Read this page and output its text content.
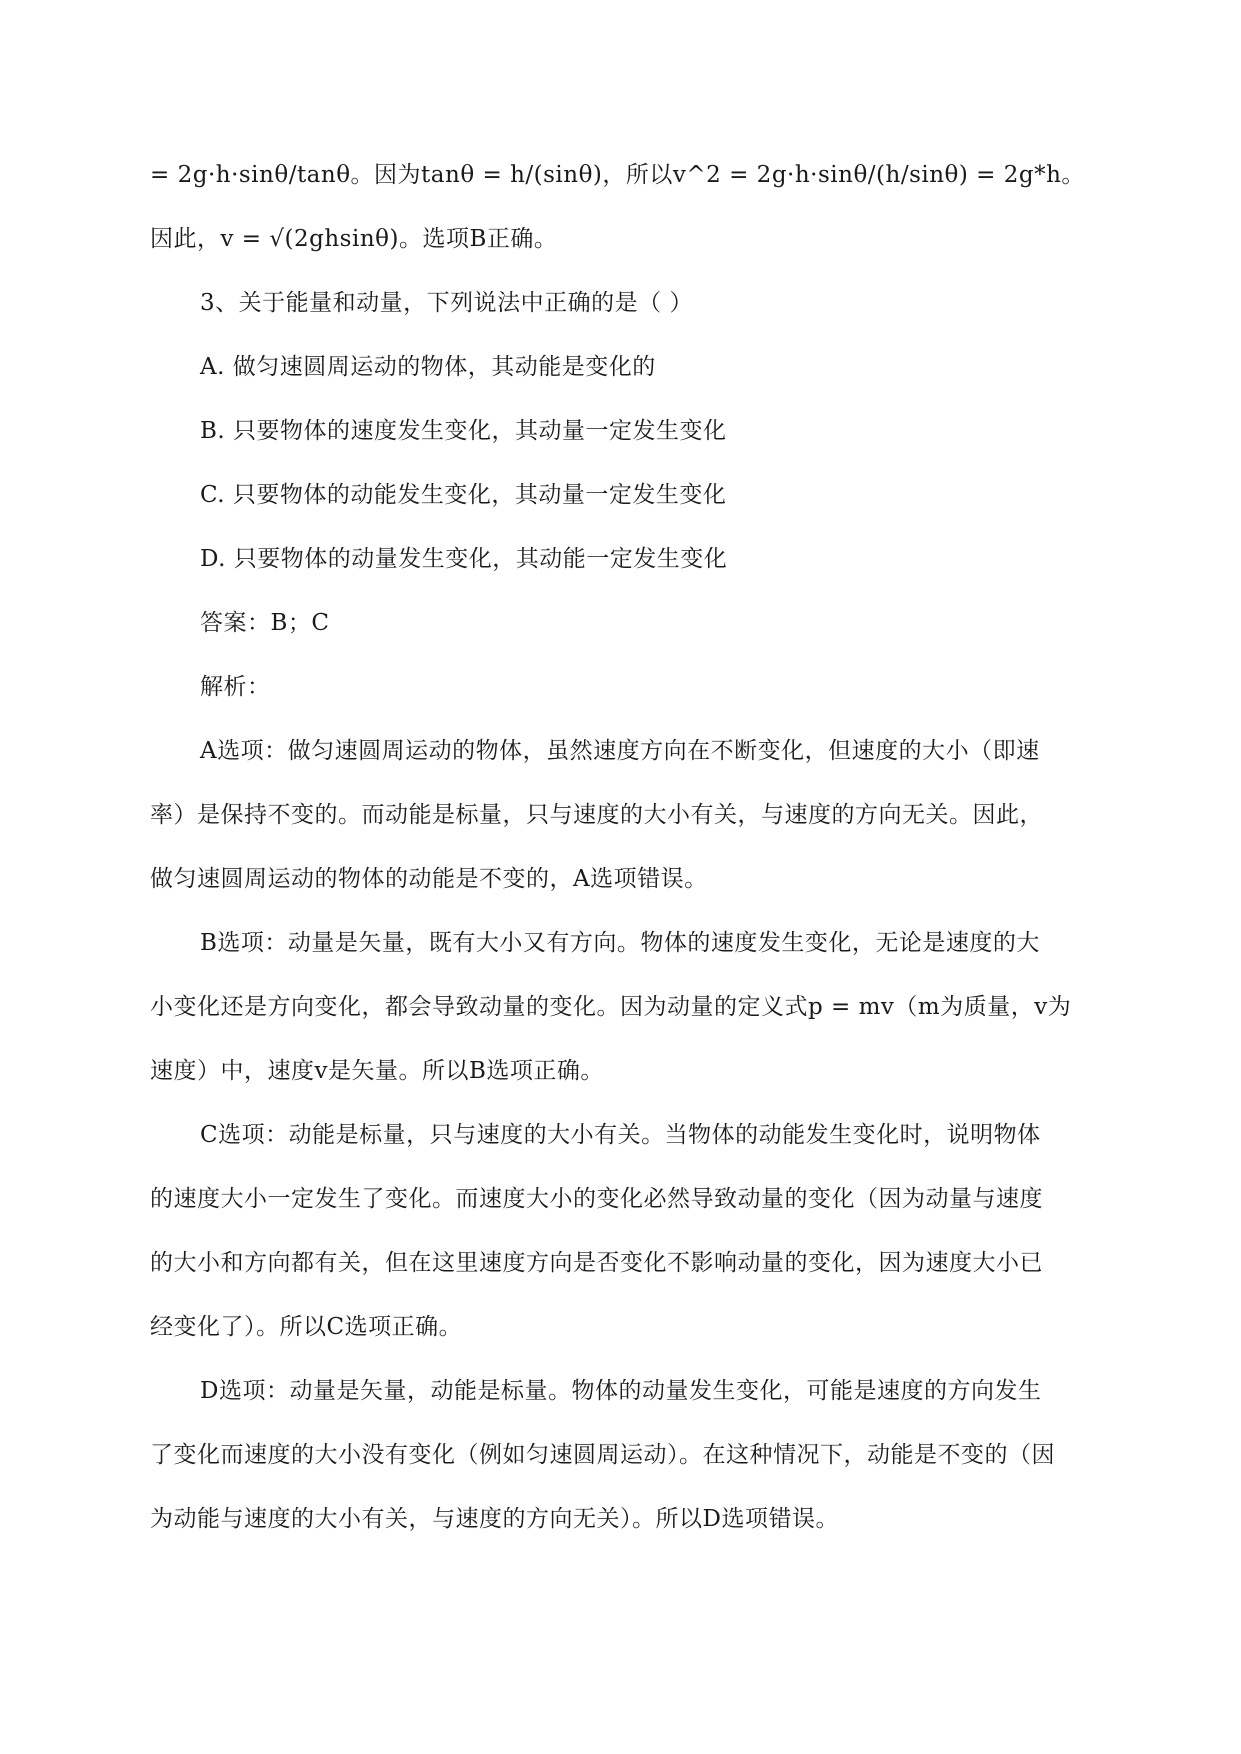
= 2g·h·sinθ/tanθ。因为tanθ = h/(sinθ)，所以v^2 = 2g·h·sinθ/(h/sinθ) = 2g*h。
因此，v = √(2ghsinθ)。选项B正确。
3、关于能量和动量，下列说法中正确的是（ ）
A. 做匀速圆周运动的物体，其动能是变化的
B. 只要物体的速度发生变化，其动量一定发生变化
C. 只要物体的动能发生变化，其动量一定发生变化
D. 只要物体的动量发生变化，其动能一定发生变化
答案：B；C
解析：
A选项：做匀速圆周运动的物体，虽然速度方向在不断变化，但速度的大小（即速
率）是保持不变的。而动能是标量，只与速度的大小有关，与速度的方向无关。因此，
做匀速圆周运动的物体的动能是不变的，A选项错误。
B选项：动量是矢量，既有大小又有方向。物体的速度发生变化，无论是速度的大
小变化还是方向变化，都会导致动量的变化。因为动量的定义式p = mv（m为质量，v为
速度）中，速度v是矢量。所以B选项正确。
C选项：动能是标量，只与速度的大小有关。当物体的动能发生变化时，说明物体
的速度大小一定发生了变化。而速度大小的变化必然导致动量的变化（因为动量与速度
的大小和方向都有关，但在这里速度方向是否变化不影响动量的变化，因为速度大小已
经变化了）。所以C选项正确。
D选项：动量是矢量，动能是标量。物体的动量发生变化，可能是速度的方向发生
了变化而速度的大小没有变化（例如匀速圆周运动）。在这种情况下，动能是不变的（因
为动能与速度的大小有关，与速度的方向无关）。所以D选项错误。
